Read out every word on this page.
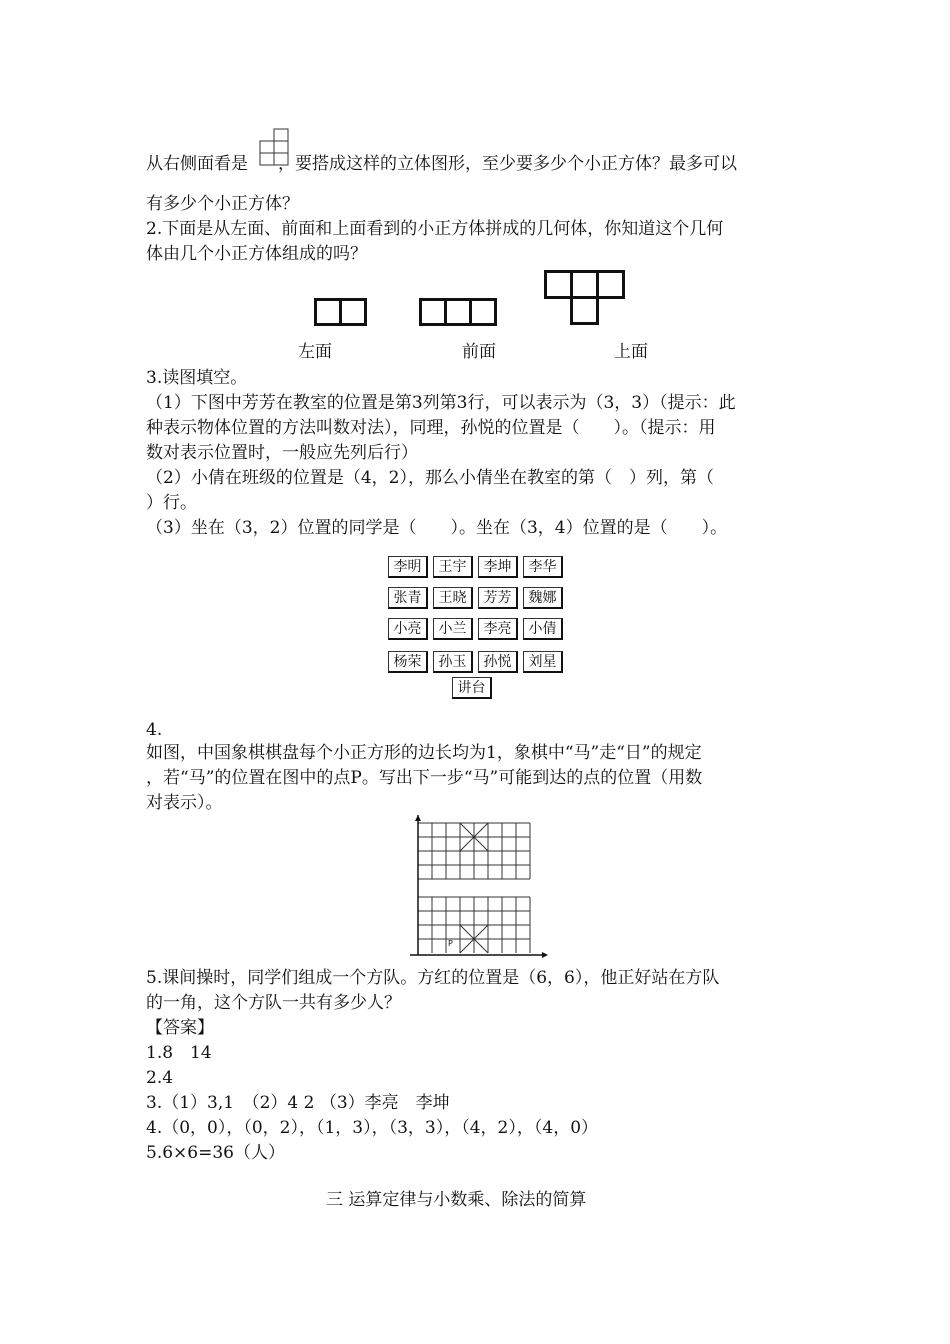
从右侧面看是 ，要搭成这样的立体图形，至少要多少个小正方体？最多可以
有多少个小正方体？
2.下面是从左面、前面和上面看到的小正方体拼成的几何体，你知道这个几何
体由几个小正方体组成的吗？
左面	前面	上面
3.读图填空。
（1）下图中芳芳在教室的位置是第3列第3行，可以表示为（3，3）（提示：此
种表示物体位置的方法叫数对法），同理，孙悦的位置是（　　）。（提示：用
数对表示位置时，一般应先列后行）
（2）小倩在班级的位置是（4，2），那么小倩坐在教室的第（　）列，第（
）行。
（3）坐在（3，2）位置的同学是（　　）。坐在（3，4）位置的是（　　）。
李明	王宇	李坤	李华
张青	王晓	芳芳	魏娜
小亮	小兰	李亮	小倩
杨荣	孙玉	孙悦	刘星
讲台
4.
如图，中国象棋棋盘每个小正方形的边长均为1，象棋中“马”走“日”的规定
，若“马”的位置在图中的点P。写出下一步“马”可能到达的点的位置（用数
对表示）。
P
5.课间操时，同学们组成一个方队。方红的位置是（6，6），他正好站在方队
的一角，这个方队一共有多少人？
【答案】
1.8　14
2.4
3.（1）3,1　（2）4 2 （3）李亮　李坤
4.（0，0），（0，2），（1，3），（3，3），（4，2），（4，0）
5.6×6=36（人）
三 运算定律与小数乘、除法的简算
